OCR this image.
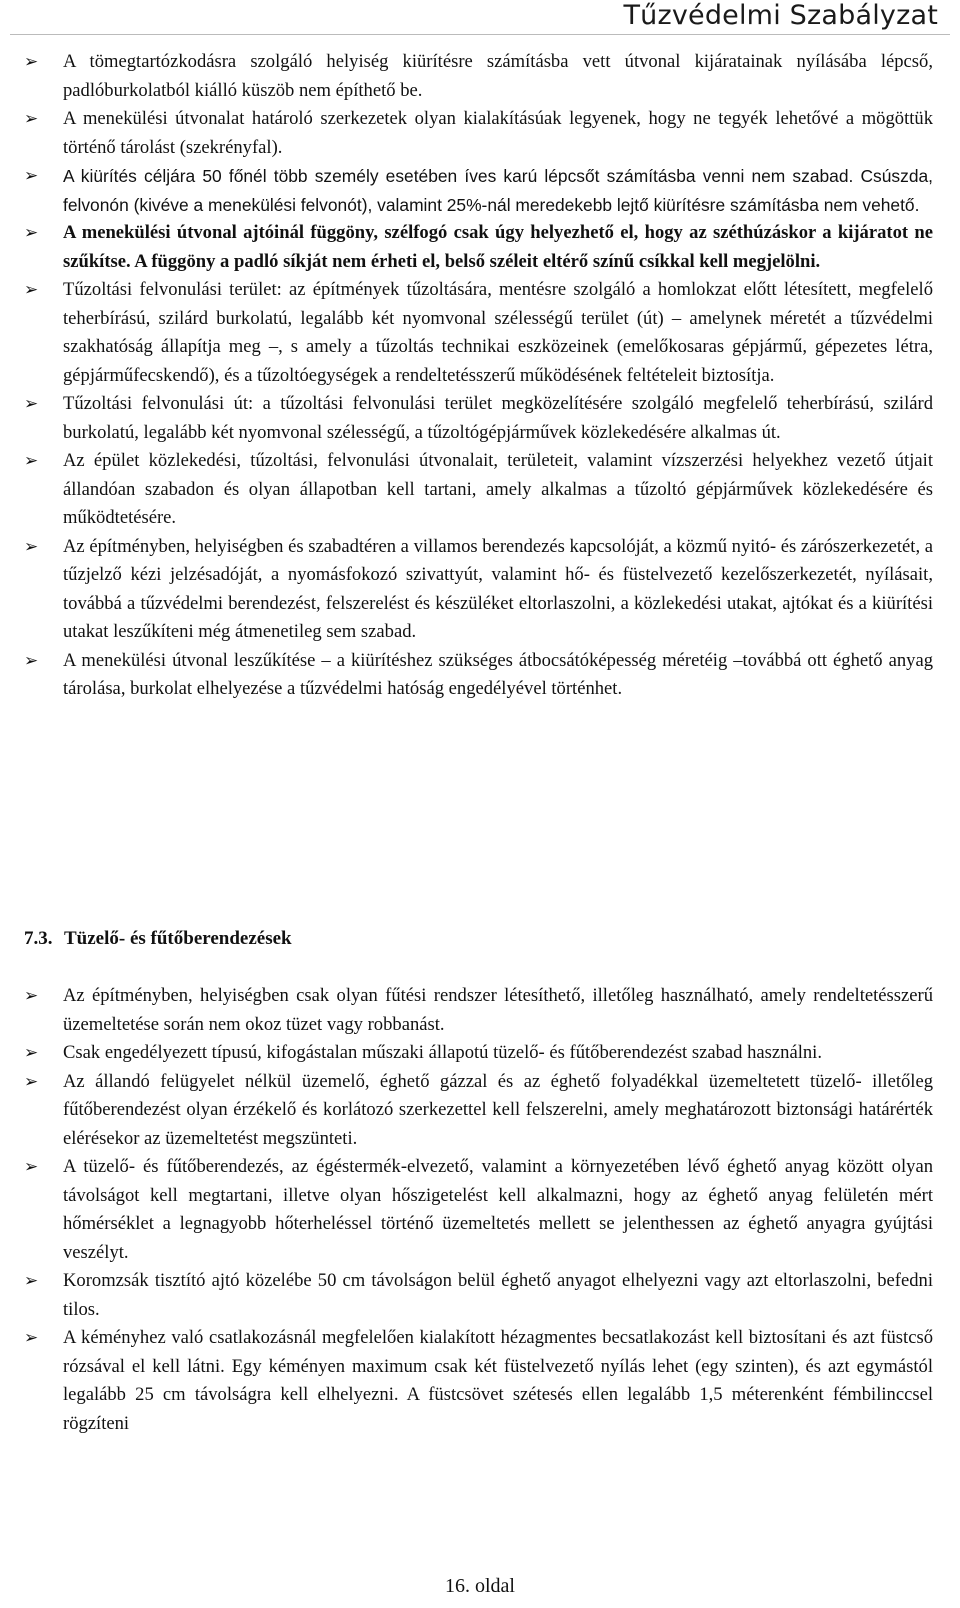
Tűzvédelmi Szabályzat
➢ A tömegtartózkodásra szolgáló helyiség kiürítésre számításba vett útvonal kijáratainak nyílásába lépcső, padlóburkolatból kiálló küszöb nem építhető be.
➢ A menekülési útvonalat határoló szerkezetek olyan kialakításúak legyenek, hogy ne tegyék lehetővé a mögöttük történő tárolást (szekrényfal).
➢ A kiürítés céljára 50 főnél több személy esetében íves karú lépcsőt számításba venni nem szabad. Csúszda, felvonón (kivéve a menekülési felvonót), valamint 25%-nál meredekebb lejtő kiürítésre számításba nem vehető.
➢ A menekülési útvonal ajtóinál függöny, szélfogó csak úgy helyezhető el, hogy az széthúzáskor a kijáratot ne szűkítse. A függöny a padló síkját nem érheti el, belső széleit eltérő színű csíkkal kell megjelölni.
➢ Tűzoltási felvonulási terület: az építmények tűzoltására, mentésre szolgáló a homlokzat előtt létesített, megfelelő teherbírású, szilárd burkolatú, legalább két nyomvonal szélességű terület (út) – amelynek méretét a tűzvédelmi szakhatóság állapítja meg –, s amely a tűzoltás technikai eszközeinek (emelőkosaras gépjármű, gépezetes létra, gépjárműfecskendő), és a tűzoltóegységek a rendeltetésszerű működésének feltételeit biztosítja.
➢ Tűzoltási felvonulási út: a tűzoltási felvonulási terület megközelítésére szolgáló megfelelő teherbírású, szilárd burkolatú, legalább két nyomvonal szélességű, a tűzoltógépjárművek közlekedésére alkalmas út.
➢ Az épület közlekedési, tűzoltási, felvonulási útvonalait, területeit, valamint vízszerzési helyekhez vezető útjait állandóan szabadon és olyan állapotban kell tartani, amely alkalmas a tűzoltó gépjárművek közlekedésére és működtetésére.
➢ Az építményben, helyiségben és szabadtéren a villamos berendezés kapcsolóját, a közmű nyitó- és zárószerkezetét, a tűzjelző kézi jelzésadóját, a nyomásfokozó szivattyút, valamint hő- és füstelvezető kezelőszerkezetét, nyílásait, továbbá a tűzvédelmi berendezést, felszerelést és készüléket eltorlaszolni, a közlekedési utakat, ajtókat és a kiürítési utakat leszűkíteni még átmenetileg sem szabad.
➢ A menekülési útvonal leszűkítése – a kiürítéshez szükséges átbocsátóképesség méretéig –továbbá ott éghető anyag tárolása, burkolat elhelyezése a tűzvédelmi hatóság engedélyével történhet.
7.3. Tüzelő- és fűtőberendezések
➢ Az építményben, helyiségben csak olyan fűtési rendszer létesíthető, illetőleg használható, amely rendeltetésszerű üzemeltetése során nem okoz tüzet vagy robbanást.
➢ Csak engedélyezett típusú, kifogástalan műszaki állapotú tüzelő- és fűtőberendezést szabad használni.
➢ Az állandó felügyelet nélkül üzemelő, éghető gázzal és az éghető folyadékkal üzemeltetett tüzelő- illetőleg fűtőberendezést olyan érzékelő és korlátozó szerkezettel kell felszerelni, amely meghatározott biztonsági határérték elérésekor az üzemeltetést megszünteti.
➢ A tüzelő- és fűtőberendezés, az égéstermék-elvezető, valamint a környezetében lévő éghető anyag között olyan távolságot kell megtartani, illetve olyan hőszigetelést kell alkalmazni, hogy az éghető anyag felületén mért hőmérséklet a legnagyobb hőterheléssel történő üzemeltetés mellett se jelenthessen az éghető anyagra gyújtási veszélyt.
➢ Koromzsák tisztító ajtó közelébe 50 cm távolságon belül éghető anyagot elhelyezni vagy azt eltorlaszolni, befedni tilos.
➢ A kéményhez való csatlakozásnál megfelelően kialakított hézagmentes becsatlakozást kell biztosítani és azt füstcső rózsával el kell látni. Egy kéményen maximum csak két füstelvezető nyílás lehet (egy szinten), és azt egymástól legalább 25 cm távolságra kell elhelyezni. A füstcsövet szétesés ellen legalább 1,5 méterenként fémbilinccsel rögzíteni
16. oldal
